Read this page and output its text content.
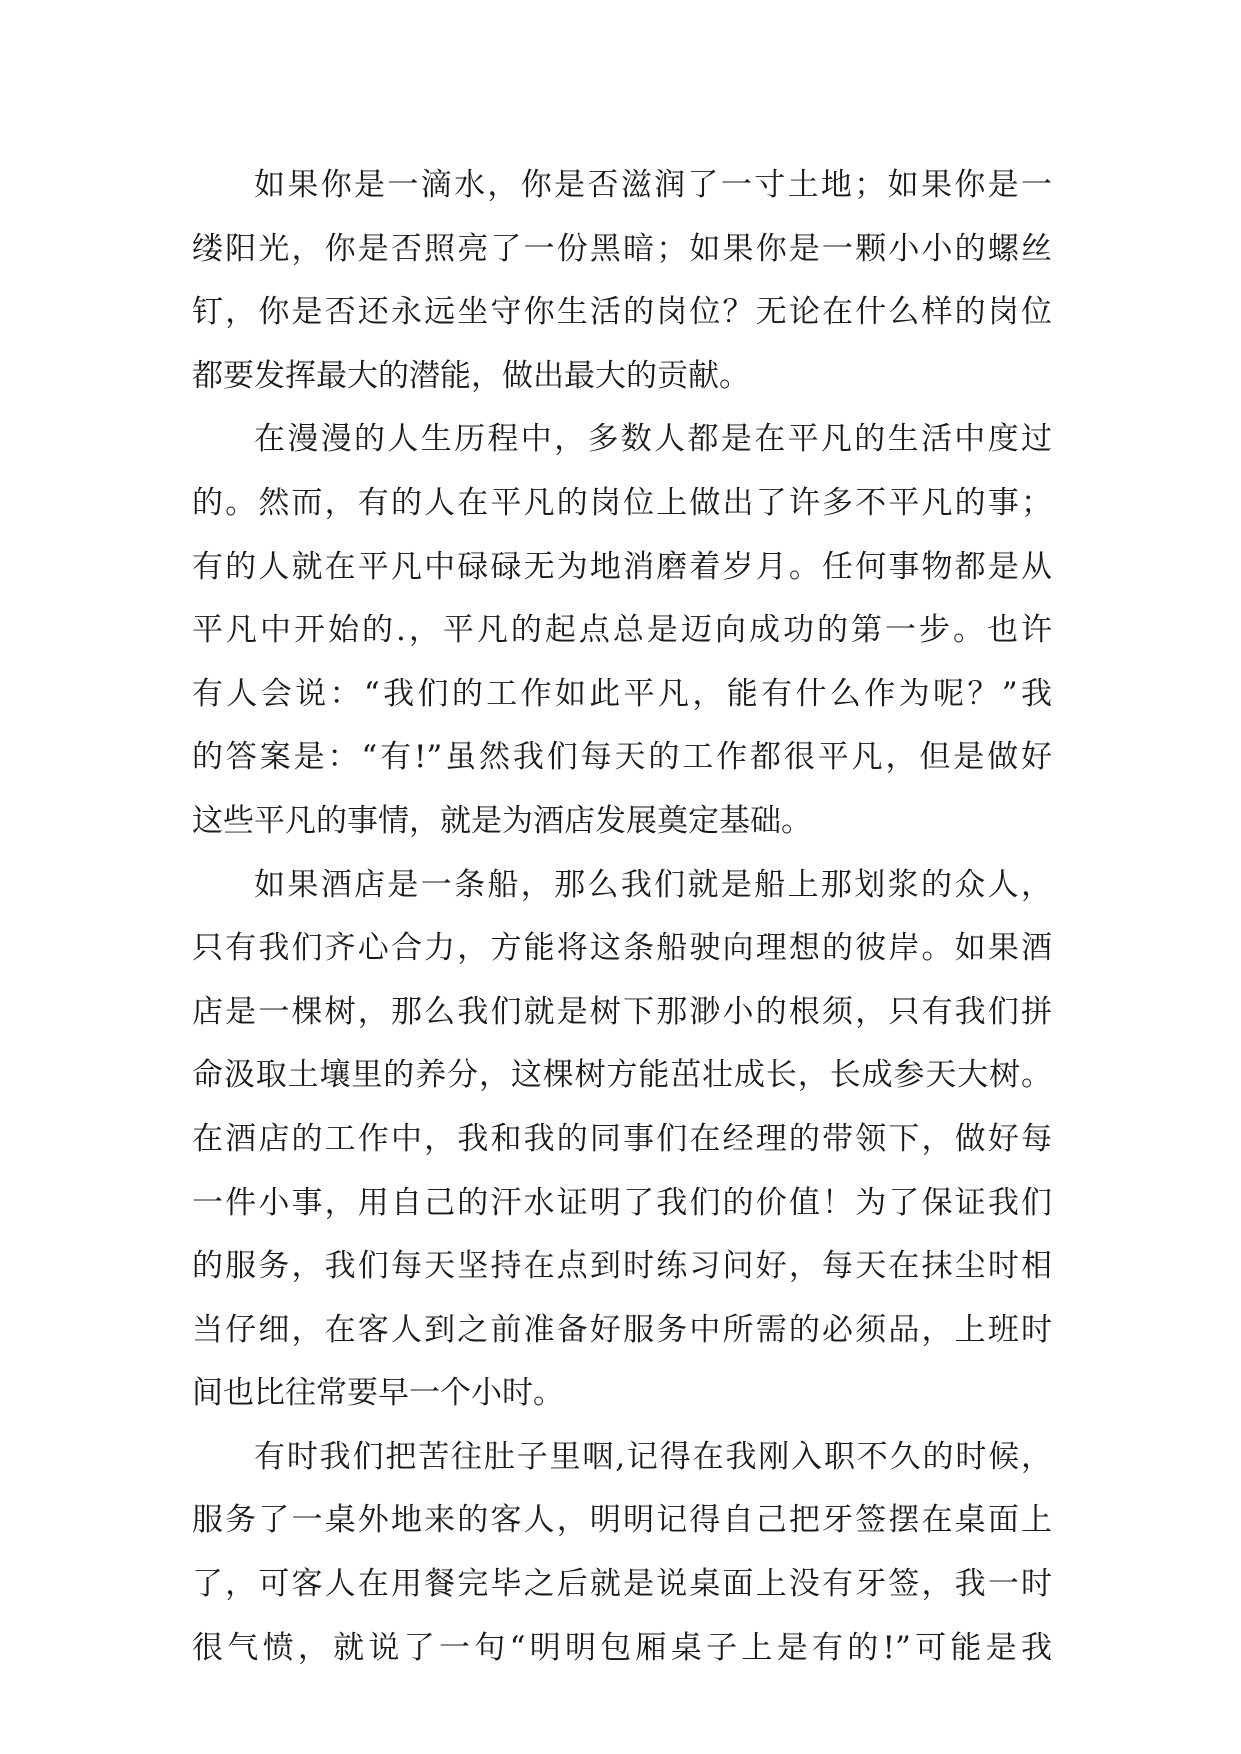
如果你是一滴水，你是否滋润了一寸土地；如果你是一
缕阳光，你是否照亮了一份黑暗；如果你是一颗小小的螺丝
钉，你是否还永远坐守你生活的岗位？无论在什么样的岗位
都要发挥最大的潜能，做出最大的贡献。
在漫漫的人生历程中，多数人都是在平凡的生活中度过
的。然而，有的人在平凡的岗位上做出了许多不平凡的事；
有的人就在平凡中碌碌无为地消磨着岁月。任何事物都是从
平凡中开始的.，平凡的起点总是迈向成功的第一步。也许
有人会说：“我们的工作如此平凡，能有什么作为呢？”我
的答案是：“有!”虽然我们每天的工作都很平凡，但是做好
这些平凡的事情，就是为酒店发展奠定基础。
如果酒店是一条船，那么我们就是船上那划浆的众人，
只有我们齐心合力，方能将这条船驶向理想的彼岸。如果酒
店是一棵树，那么我们就是树下那渺小的根须，只有我们拼
命汲取土壤里的养分，这棵树方能茁壮成长，长成参天大树。
在酒店的工作中，我和我的同事们在经理的带领下，做好每
一件小事，用自己的汗水证明了我们的价值！为了保证我们
的服务，我们每天坚持在点到时练习问好，每天在抹尘时相
当仔细，在客人到之前准备好服务中所需的必须品，上班时
间也比往常要早一个小时。
有时我们把苦往肚子里咽,记得在我刚入职不久的时候，
服务了一桌外地来的客人，明明记得自己把牙签摆在桌面上
了，可客人在用餐完毕之后就是说桌面上没有牙签，我一时
很气愤，就说了一句“明明包厢桌子上是有的!”可能是我
